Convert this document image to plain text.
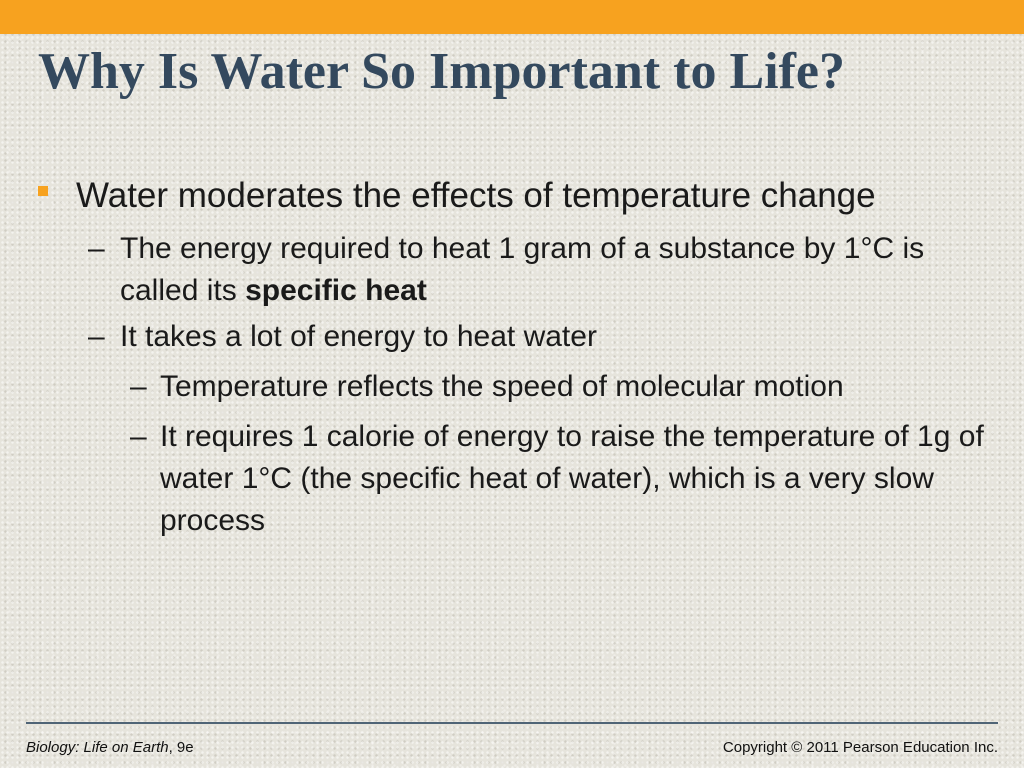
Why Is Water So Important to Life?
Water moderates the effects of temperature change
– The energy required to heat 1 gram of a substance by 1°C is called its specific heat
– It takes a lot of energy to heat water
– Temperature reflects the speed of molecular motion
– It requires 1 calorie of energy to raise the temperature of 1g of water 1°C (the specific heat of water), which is a very slow process
Biology: Life on Earth, 9e	Copyright © 2011 Pearson Education Inc.
